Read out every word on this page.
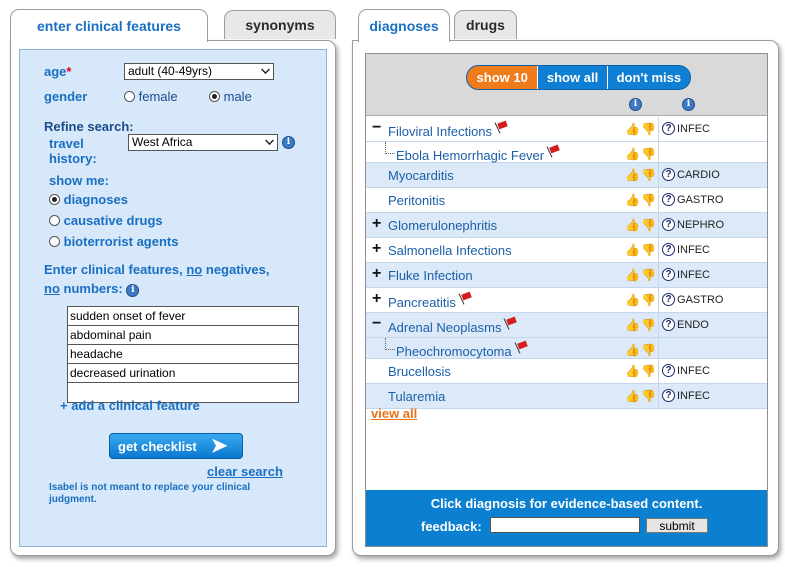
enter clinical features	synonyms	diagnoses	drugs
age*	adult (40-49yrs)
gender	female	male
Refine search:
travel
history:
West Africa	i
show me:
diagnoses
causative drugs
bioterrorist agents
Enter clinical features, no negatives,
no numbers: i
sudden onset of fever
abdominal pain
headache
decreased urination
+ add a clinical feature
get checklist ➤
clear search
Isabel is not meant to replace your clinical judgment.
show 10	show all	don't miss
i	i
− Filoviral Infections	👍👎 ? INFEC
Ebola Hemorrhagic Fever	👍👎
Myocarditis	👍👎 ? CARDIO
Peritonitis	👍👎 ? GASTRO
+ Glomerulonephritis	👍👎 ? NEPHRO
+ Salmonella Infections	👍👎 ? INFEC
+ Fluke Infection	👍👎 ? INFEC
+ Pancreatitis	👍👎 ? GASTRO
− Adrenal Neoplasms	👍👎 ? ENDO
Pheochromocytoma	👍👎
Brucellosis	👍👎 ? INFEC
Tularemia	👍👎 ? INFEC
view all
Click diagnosis for evidence-based content.
feedback:	submit
